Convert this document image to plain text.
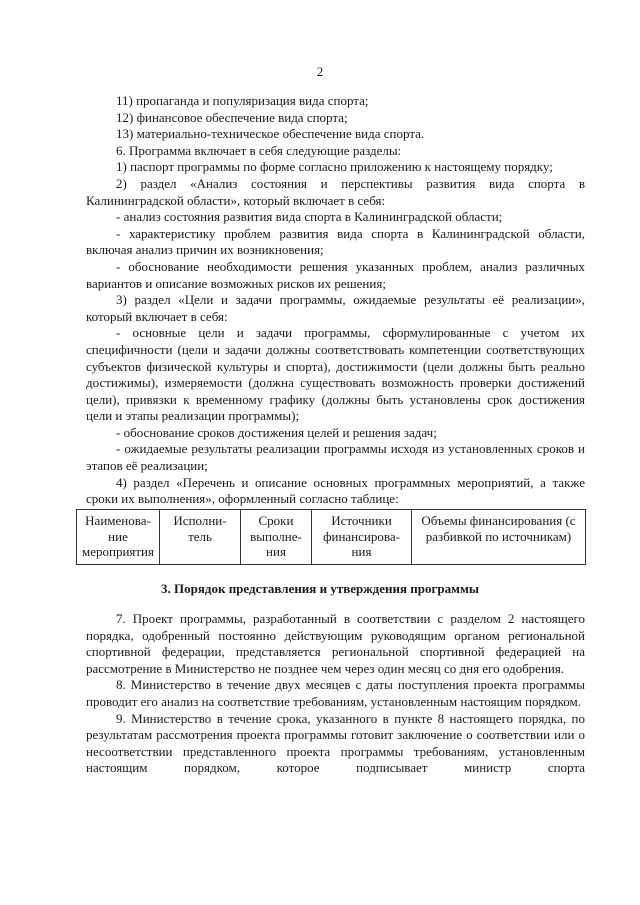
2

11) пропаганда и популяризация вида спорта;

12) финансовое обеспечение вида спорта;

13) материально-техническое обеспечение вида спорта.

6. Программа включает в себя следующие разделы:

1) паспорт программы по форме согласно приложению к настоящему порядку;

2) раздел «Анализ состояния и перспективы развития вида спорта в Калининградской области», который включает в себя:

- анализ состояния развития вида спорта в Калининградской области;

- характеристику проблем развития вида спорта в Калининградской области, включая анализ причин их возникновения;

- обоснование необходимости решения указанных проблем, анализ различных вариантов и описание возможных рисков их решения;

3) раздел «Цели и задачи программы, ожидаемые результаты её реализации», который включает в себя:

- основные цели и задачи программы, сформулированные с учетом их специфичности (цели и задачи должны соответствовать компетенции соответствующих субъектов физической культуры и спорта), достижимости (цели должны быть реально достижимы), измеряемости (должна существовать возможность проверки достижений цели), привязки к временному графику (должны быть установлены срок достижения цели и этапы реализации программы);

- обоснование сроков достижения целей и решения задач;

- ожидаемые результаты реализации программы исходя из установленных сроков и этапов её реализации;

4) раздел «Перечень и описание основных программных мероприятий, а также сроки их выполнения», оформленный согласно таблице:

Наименова- ние мероприятия	Исполни- тель	Сроки выполне- ния	Источники финансирова- ния	Объемы финансирования (с разбивкой по источникам)
3. Порядок представления и утверждения программы

7. Проект программы, разработанный в соответствии с разделом 2 настоящего порядка, одобренный постоянно действующим руководящим органом региональной спортивной федерации, представляется региональной спортивной федерацией на рассмотрение в Министерство не позднее чем через один месяц со дня его одобрения.

8. Министерство в течение двух месяцев с даты поступления проекта программы проводит его анализ на соответствие требованиям, установленным настоящим порядком.

9. Министерство в течение срока, указанного в пункте 8 настоящего порядка, по результатам рассмотрения проекта программы готовит заключение о соответствии или о несоответствии представленного проекта программы требованиям, установленным настоящим порядком, которое подписывает министр спорта
